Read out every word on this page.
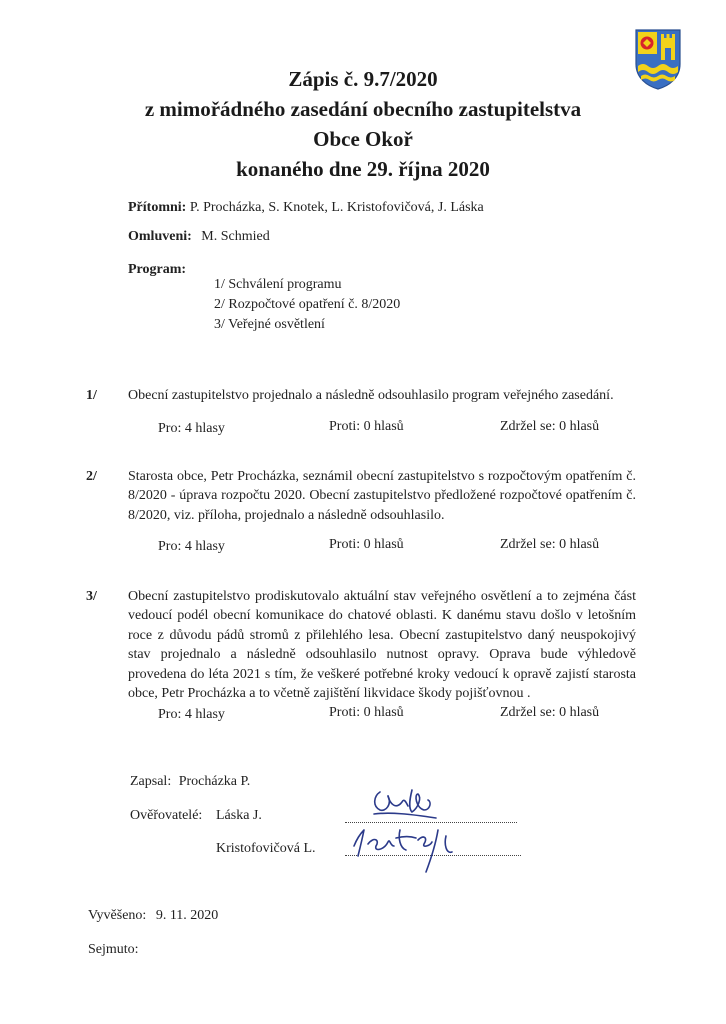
Zápis č. 9.7/2020
z mimořádného zasedání obecního zastupitelstva
Obce Okoř
konaného dne 29. října 2020
Přítomni: P. Procházka, S. Knotek, L. Kristofovičová, J. Láska
Omluveni: M. Schmied
Program:
1/ Schválení programu
2/ Rozpočtové opatření č. 8/2020
3/ Veřejné osvětlení
1/ Obecní zastupitelstvo projednalo a následně odsouhlasilo program veřejného zasedání.
Pro: 4 hlasy	Proti: 0 hlasů	Zdržel se: 0 hlasů
2/ Starosta obce, Petr Procházka, seznámil obecní zastupitelstvo s rozpočtovým opatřením č. 8/2020 - úprava rozpočtu 2020. Obecní zastupitelstvo předložené rozpočtové opatřením č. 8/2020, viz. příloha, projednalo a následně odsouhlasilo.
Pro: 4 hlasy	Proti: 0 hlasů	Zdržel se: 0 hlasů
3/ Obecní zastupitelstvo prodiskutovalo aktuální stav veřejného osvětlení a to zejména část vedoucí podél obecní komunikace do chatové oblasti. K danému stavu došlo v letošním roce z důvodu pádů stromů z přilehlého lesa. Obecní zastupitelstvo daný neuspokojivý stav projednalo a následně odsouhlasilo nutnost opravy. Oprava bude výhledově provedena do léta 2021 s tím, že veškeré potřebné kroky vedoucí k opravě zajistí starosta obce, Petr Procházka a to včetně zajištění likvidace škody pojišťovnou .
Pro: 4 hlasy	Proti: 0 hlasů	Zdržel se: 0 hlasů
Zapsal: Procházka P.
Ověřovatelé: Láska J.
Kristofovičová L.
Vyvěšeno: 9. 11. 2020
Sejmuto:
